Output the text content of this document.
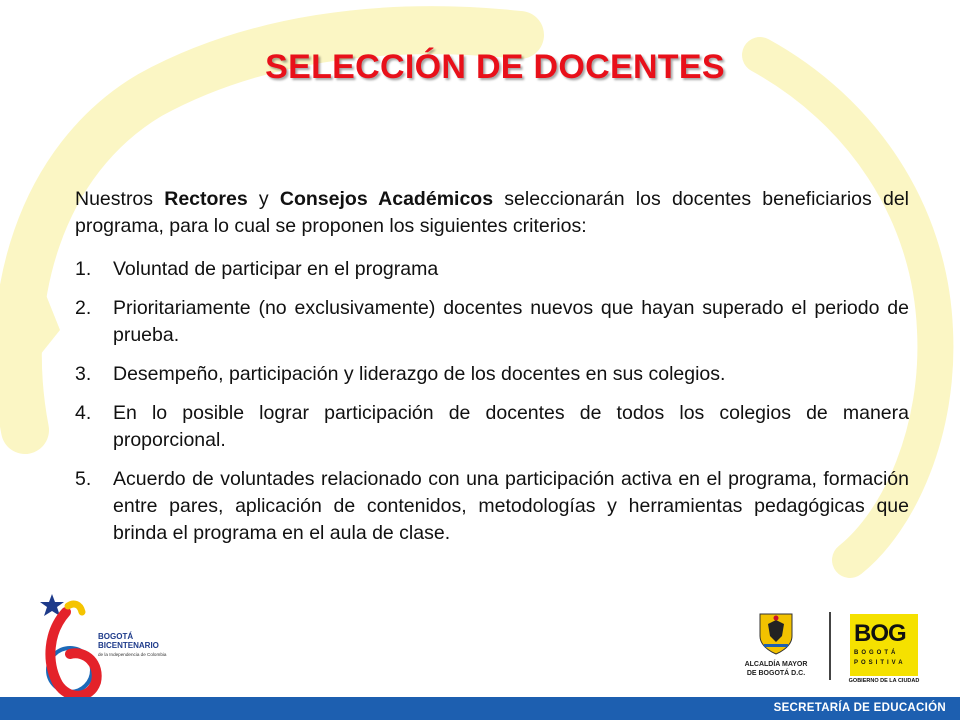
SELECCIÓN DE DOCENTES

Nuestros Rectores y Consejos Académicos seleccionarán los docentes beneficiarios del programa, para lo cual se proponen los siguientes criterios:

1. Voluntad de participar en el programa
2. Prioritariamente (no exclusivamente) docentes nuevos que hayan superado el periodo de prueba.
3. Desempeño, participación y liderazgo de los docentes en sus colegios.
4. En lo posible lograr participación de docentes de todos los colegios de manera proporcional.
5. Acuerdo de voluntades relacionado con una participación activa en el programa, formación entre pares, aplicación de contenidos, metodologías y herramientas pedagógicas que brinda el programa en el aula de clase.
BOGOTÁ
BICENTENARIO
de la Independencia de Colombia
ALCALDÍA MAYOR
DE BOGOTÁ D.C.
BOG
BOGOTÁ
POSITIVA
GOBIERNO DE LA CIUDAD
SECRETARÍA DE EDUCACIÓN
